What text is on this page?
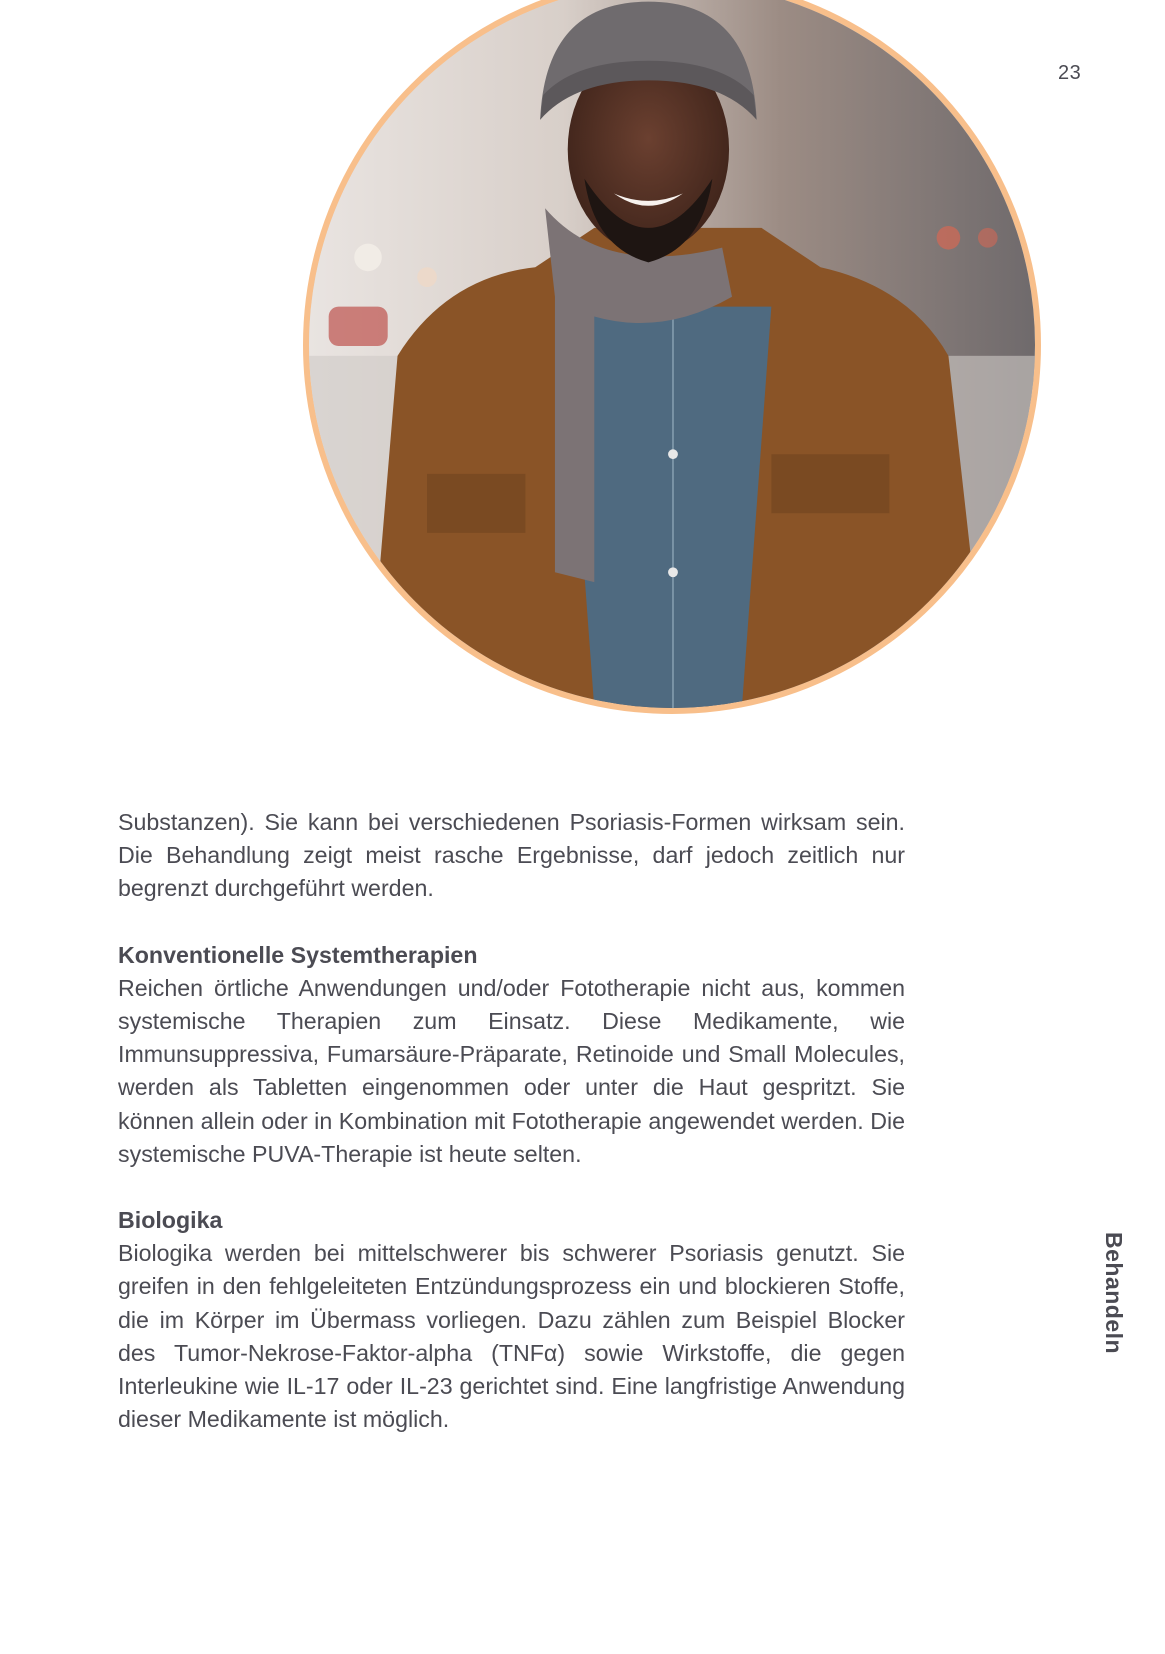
23
Behandeln

Substanzen). Sie kann bei verschiedenen Psoriasis-Formen wirksam sein. Die Behandlung zeigt meist rasche Ergebnisse, darf jedoch zeitlich nur begrenzt durchgeführt werden.

Konventionelle Systemtherapien

Reichen örtliche Anwendungen und/oder Fototherapie nicht aus, kommen systemische Therapien zum Einsatz. Diese Medikamente, wie Immunsuppressiva, Fumarsäure-Präparate, Retinoide und Small Molecules, werden als Tabletten eingenommen oder unter die Haut gespritzt. Sie können allein oder in Kombination mit Fototherapie angewendet werden. Die systemische PUVA-Therapie ist heute selten.

Biologika

Biologika werden bei mittelschwerer bis schwerer Psoriasis genutzt. Sie greifen in den fehlgeleiteten Entzündungsprozess ein und blockieren Stoffe, die im Körper im Übermass vorliegen. Dazu zählen zum Beispiel Blocker des Tumor-Nekrose-Faktor-alpha (TNFα) sowie Wirkstoffe, die gegen Interleukine wie IL-17 oder IL-23 gerichtet sind. Eine langfristige Anwendung dieser Medikamente ist möglich.
